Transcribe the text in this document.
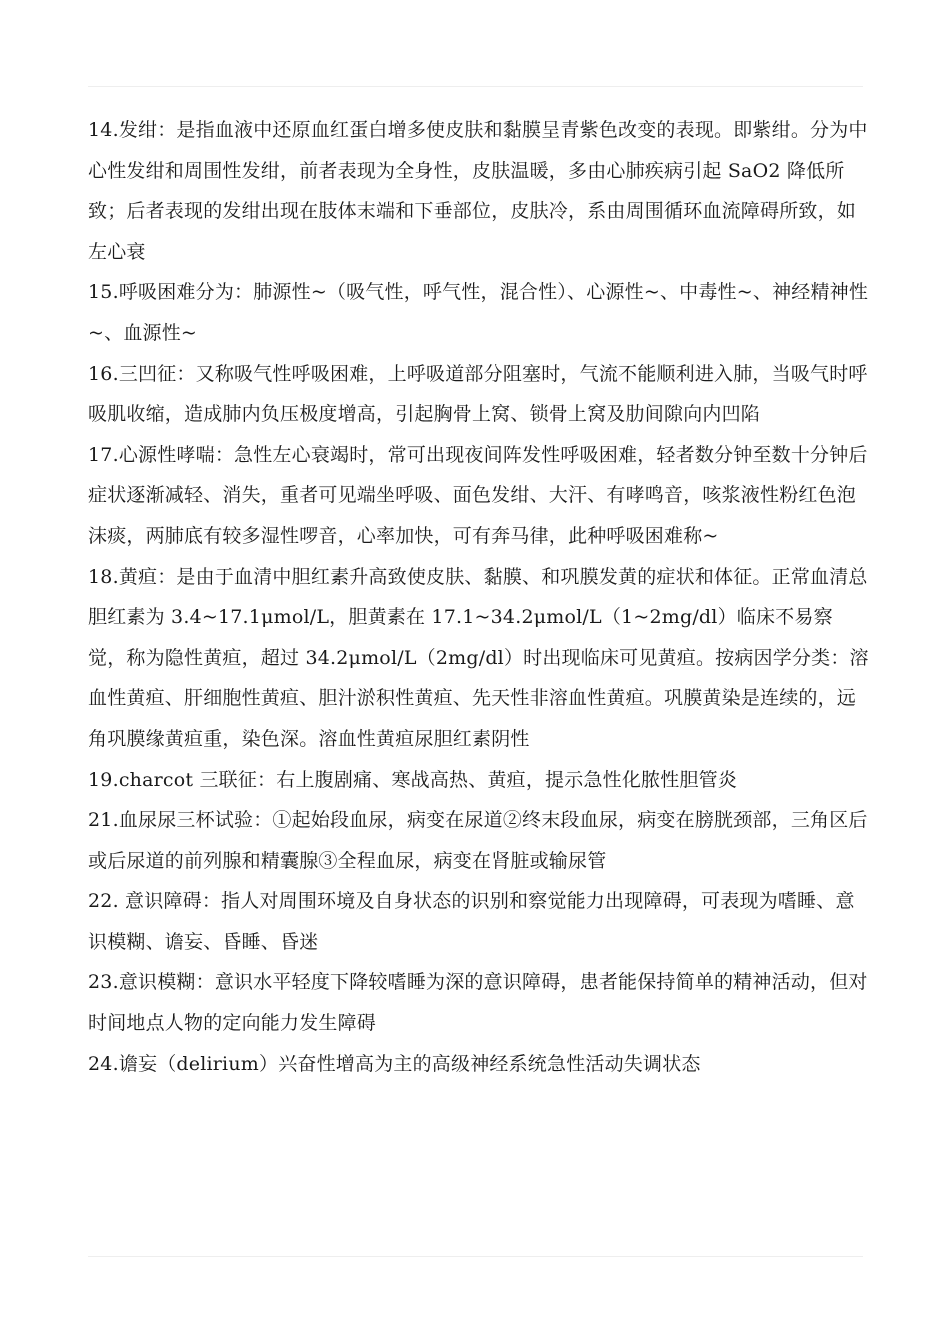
14.发绀：是指血液中还原血红蛋白增多使皮肤和黏膜呈青紫色改变的表现。即紫绀。分为中心性发绀和周围性发绀，前者表现为全身性，皮肤温暖，多由心肺疾病引起 SaO2 降低所致；后者表现的发绀出现在肢体末端和下垂部位，皮肤冷，系由周围循环血流障碍所致，如左心衰

15.呼吸困难分为：肺源性~（吸气性，呼气性，混合性）、心源性~、中毒性~、神经精神性~、血源性~

16.三凹征：又称吸气性呼吸困难，上呼吸道部分阻塞时，气流不能顺利进入肺，当吸气时呼吸肌收缩，造成肺内负压极度增高，引起胸骨上窝、锁骨上窝及肋间隙向内凹陷

17.心源性哮喘：急性左心衰竭时，常可出现夜间阵发性呼吸困难，轻者数分钟至数十分钟后症状逐渐减轻、消失，重者可见端坐呼吸、面色发绀、大汗、有哮鸣音，咳浆液性粉红色泡沫痰，两肺底有较多湿性啰音，心率加快，可有奔马律，此种呼吸困难称~

18.黄疸：是由于血清中胆红素升高致使皮肤、黏膜、和巩膜发黄的症状和体征。正常血清总胆红素为 3.4~17.1μmol/L，胆黄素在 17.1~34.2μmol/L（1~2mg/dl）临床不易察觉，称为隐性黄疸，超过 34.2μmol/L（2mg/dl）时出现临床可见黄疸。按病因学分类：溶血性黄疸、肝细胞性黄疸、胆汁淤积性黄疸、先天性非溶血性黄疸。巩膜黄染是连续的，远角巩膜缘黄疸重，染色深。溶血性黄疸尿胆红素阴性

19.charcot 三联征：右上腹剧痛、寒战高热、黄疸，提示急性化脓性胆管炎

21.血尿尿三杯试验：①起始段血尿，病变在尿道②终末段血尿，病变在膀胱颈部，三角区后或后尿道的前列腺和精囊腺③全程血尿，病变在肾脏或输尿管

22. 意识障碍：指人对周围环境及自身状态的识别和察觉能力出现障碍，可表现为嗜睡、意识模糊、谵妄、昏睡、昏迷

23.意识模糊：意识水平轻度下降较嗜睡为深的意识障碍，患者能保持简单的精神活动，但对时间地点人物的定向能力发生障碍

24.谵妄（delirium）兴奋性增高为主的高级神经系统急性活动失调状态
